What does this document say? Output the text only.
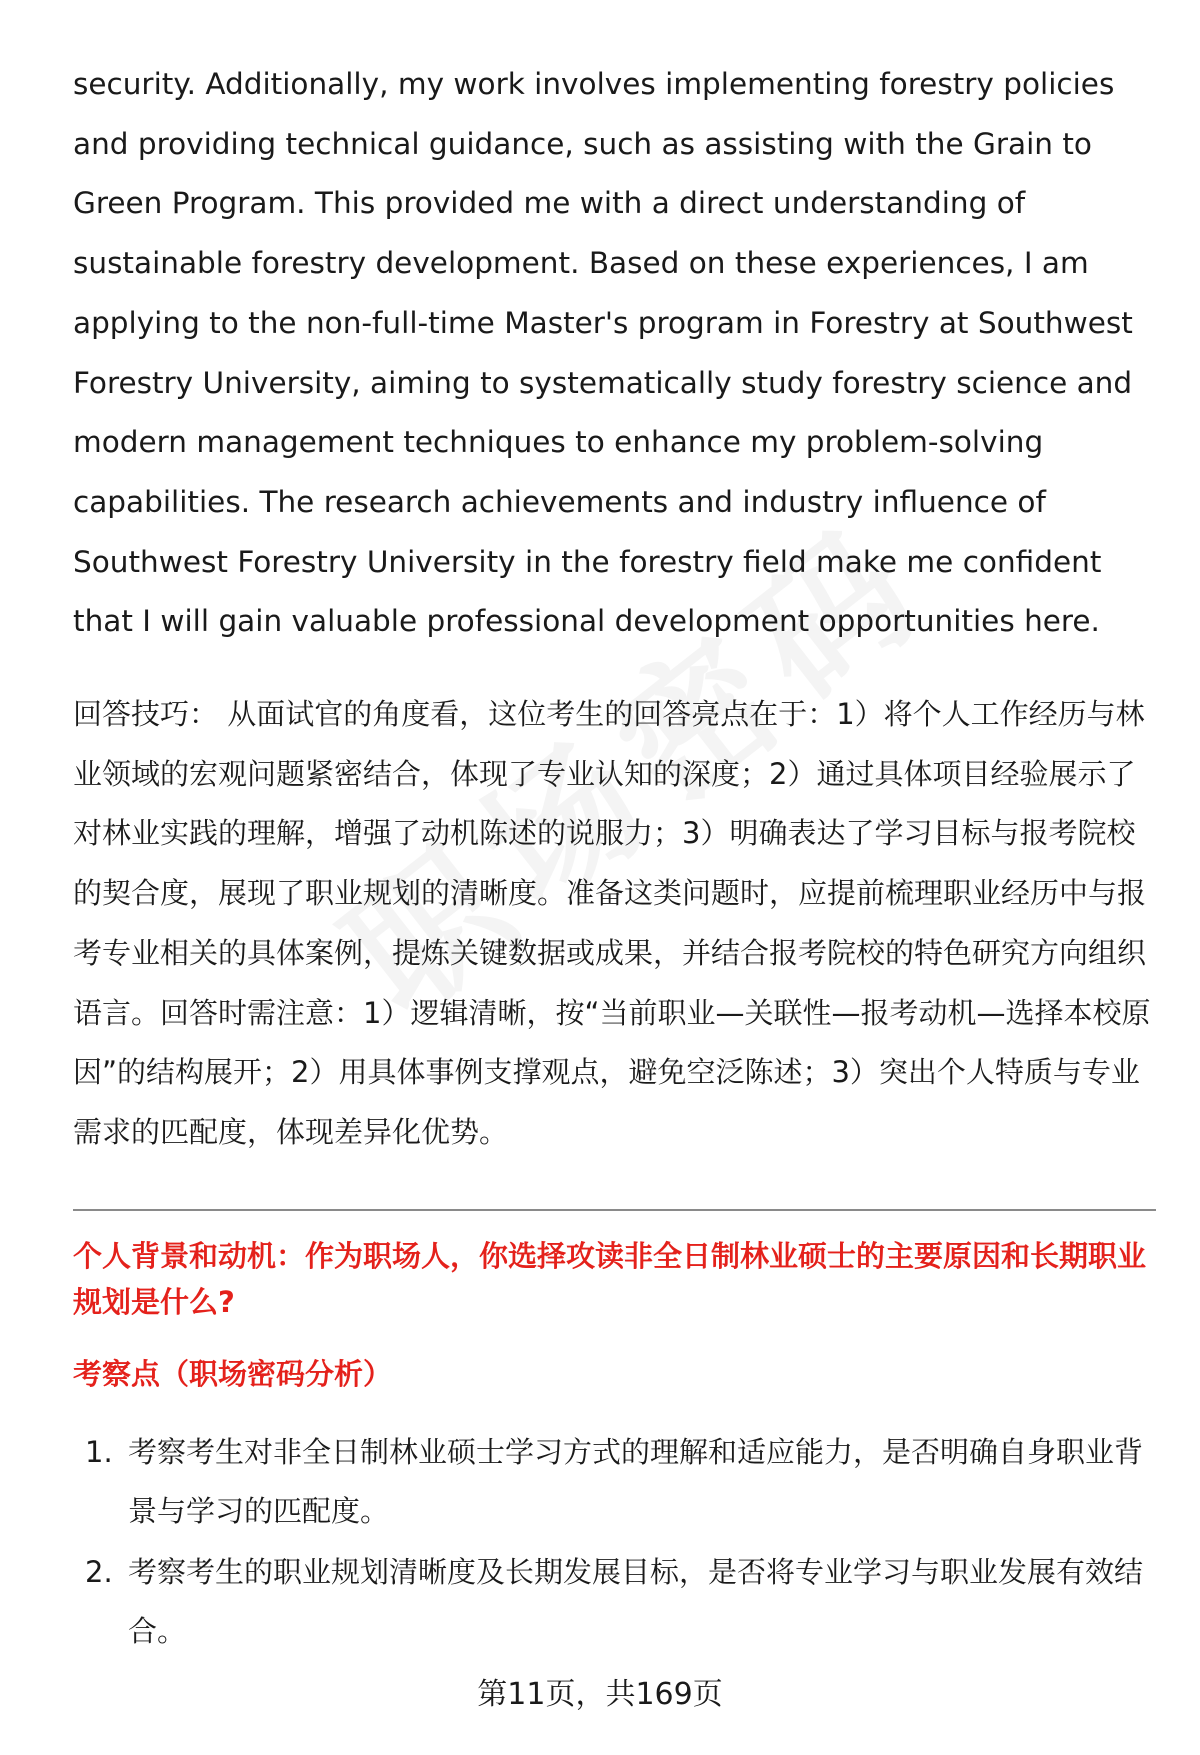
security. Additionally, my work involves implementing forestry policies and providing technical guidance, such as assisting with the Grain to Green Program. This provided me with a direct understanding of sustainable forestry development. Based on these experiences, I am applying to the non-full-time Master's program in Forestry at Southwest Forestry University, aiming to systematically study forestry science and modern management techniques to enhance my problem-solving capabilities. The research achievements and industry influence of Southwest Forestry University in the forestry field make me confident that I will gain valuable professional development opportunities here.

回答技巧： 从面试官的角度看，这位考生的回答亮点在于：1）将个人工作经历与林业领域的宏观问题紧密结合，体现了专业认知的深度；2）通过具体项目经验展示了对林业实践的理解，增强了动机陈述的说服力；3）明确表达了学习目标与报考院校的契合度，展现了职业规划的清晰度。准备这类问题时，应提前梳理职业经历中与报考专业相关的具体案例，提炼关键数据或成果，并结合报考院校的特色研究方向组织语言。回答时需注意：1）逻辑清晰，按“当前职业—关联性—报考动机—选择本校原因”的结构展开；2）用具体事例支撑观点，避免空泛陈述；3）突出个人特质与专业需求的匹配度，体现差异化优势。

个人背景和动机：作为职场人，你选择攻读非全日制林业硕士的主要原因和长期职业规划是什么?

考察点（职场密码分析）

1. 考察考生对非全日制林业硕士学习方式的理解和适应能力，是否明确自身职业背景与学习的匹配度。
2. 考察考生的职业规划清晰度及长期发展目标，是否将专业学习与职业发展有效结合。
第11页，共169页
